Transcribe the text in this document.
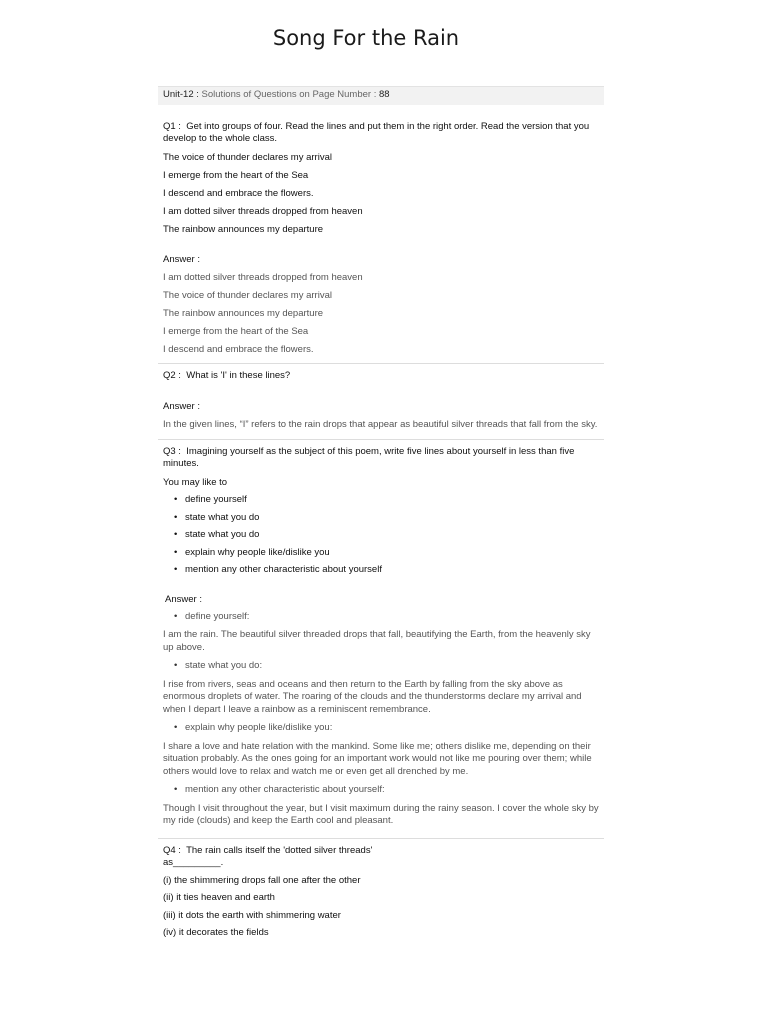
Song For the Rain
Unit-12 : Solutions of Questions on Page Number : 88

Q1 : Get into groups of four. Read the lines and put them in the right order. Read the version that you develop to the whole class.

The voice of thunder declares my arrival

I emerge from the heart of the Sea

I descend and embrace the flowers.

I am dotted silver threads dropped from heaven

The rainbow announces my departure

Answer :

I am dotted silver threads dropped from heaven

The voice of thunder declares my arrival

The rainbow announces my departure

I emerge from the heart of the Sea

I descend and embrace the flowers.

Q2 : What is 'I' in these lines?

Answer :

In the given lines, “I” refers to the rain drops that appear as beautiful silver threads that fall from the sky.

Q3 : Imagining yourself as the subject of this poem, write five lines about yourself in less than five minutes.

You may like to

• define yourself
• state what you do
• state what you do
• explain why people like/dislike you
• mention any other characteristic about yourself

Answer :

• define yourself:

I am the rain. The beautiful silver threaded drops that fall, beautifying the Earth, from the heavenly sky up above.

• state what you do:

I rise from rivers, seas and oceans and then return to the Earth by falling from the sky above as enormous droplets of water. The roaring of the clouds and the thunderstorms declare my arrival and when I depart I leave a rainbow as a reminiscent remembrance.

• explain why people like/dislike you:

I share a love and hate relation with the mankind. Some like me; others dislike me, depending on their situation probably. As the ones going for an important work would not like me pouring over them; while others would love to relax and watch me or even get all drenched by me.

• mention any other characteristic about yourself:

Though I visit throughout the year, but I visit maximum during the rainy season. I cover the whole sky by my ride (clouds) and keep the Earth cool and pleasant.

Q4 : The rain calls itself the 'dotted silver threads'

as_________.

(i) the shimmering drops fall one after the other

(ii) it ties heaven and earth

(iii) it dots the earth with shimmering water

(iv) it decorates the fields
